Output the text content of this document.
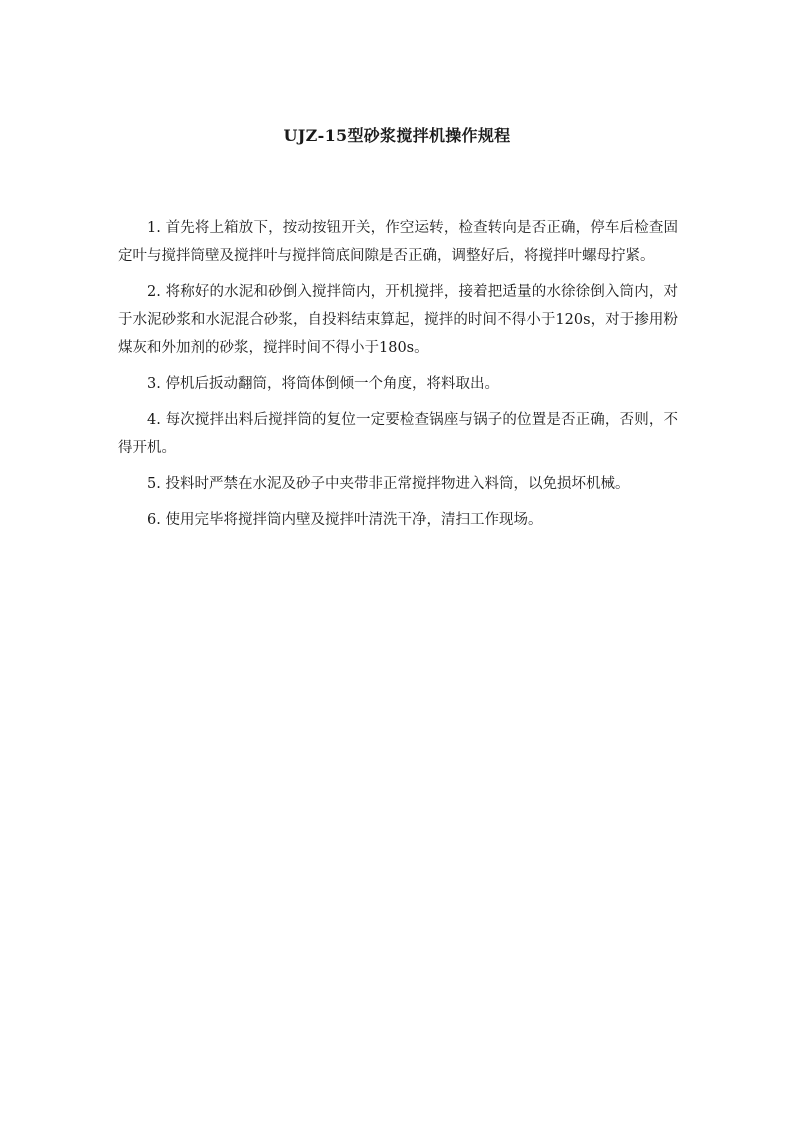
UJZ-15型砂浆搅拌机操作规程

1. 首先将上箱放下，按动按钮开关，作空运转，检查转向是否正确，停车后检查固定叶与搅拌筒壁及搅拌叶与搅拌筒底间隙是否正确，调整好后，将搅拌叶螺母拧紧。

2. 将称好的水泥和砂倒入搅拌筒内，开机搅拌，接着把适量的水徐徐倒入筒内，对于水泥砂浆和水泥混合砂浆，自投料结束算起，搅拌的时间不得小于120s，对于掺用粉煤灰和外加剂的砂浆，搅拌时间不得小于180s。

3. 停机后扳动翻筒，将筒体倒倾一个角度，将料取出。

4. 每次搅拌出料后搅拌筒的复位一定要检查锅座与锅子的位置是否正确，否则，不得开机。

5. 投料时严禁在水泥及砂子中夹带非正常搅拌物进入料筒，以免损坏机械。

6. 使用完毕将搅拌筒内壁及搅拌叶清洗干净，清扫工作现场。
